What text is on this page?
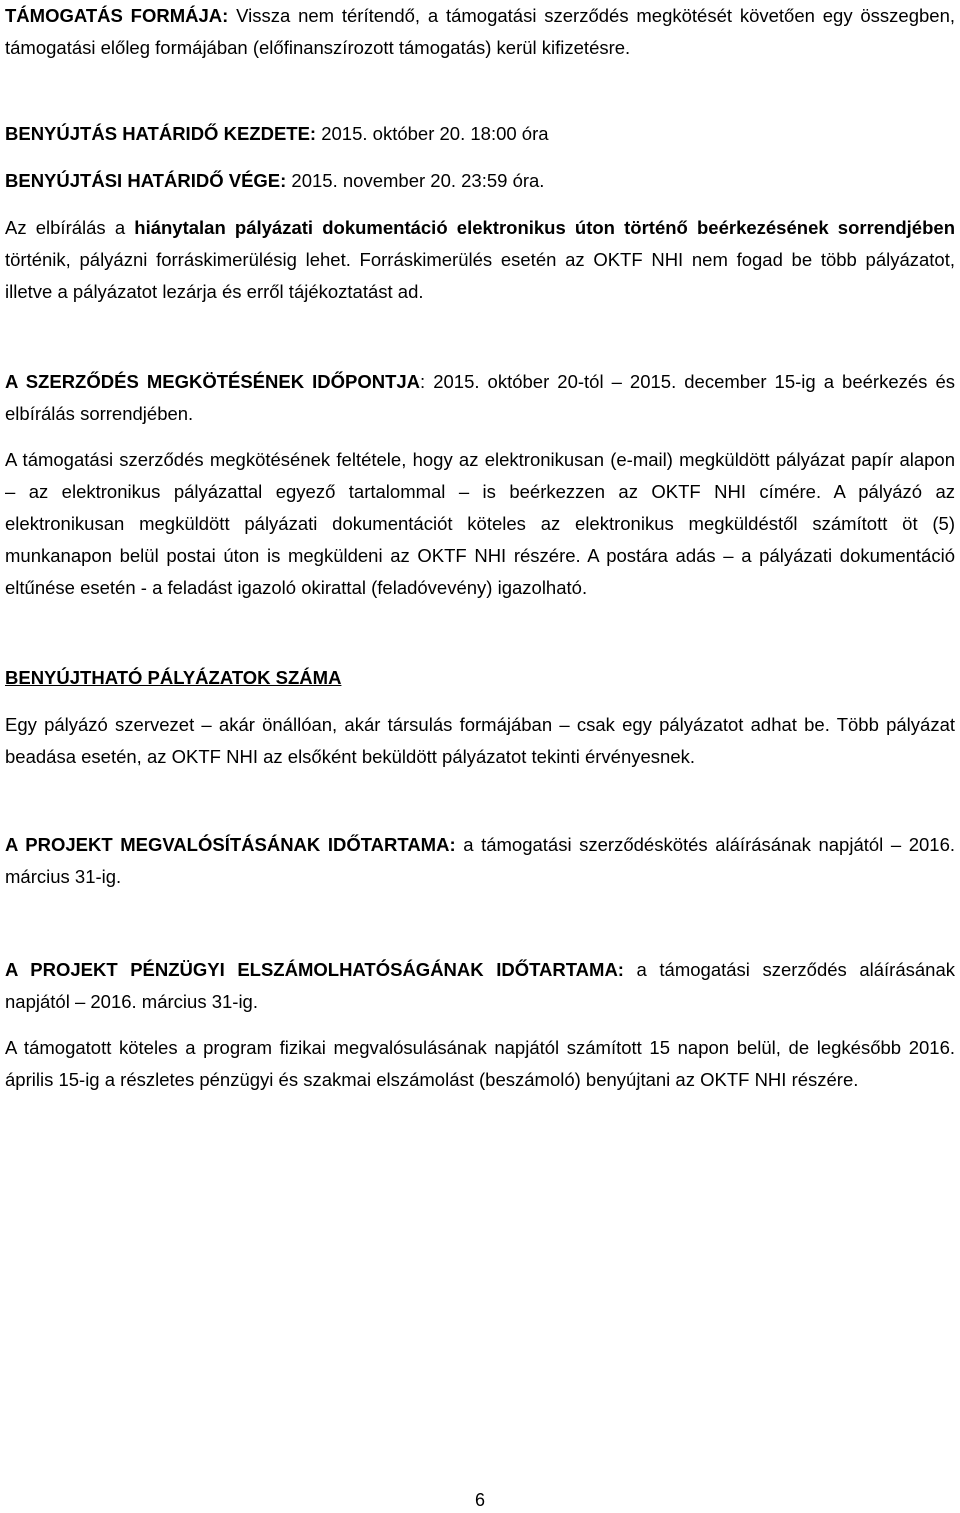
TÁMOGATÁS FORMÁJA: Vissza nem térítendő, a támogatási szerződés megkötését követően egy összegben, támogatási előleg formájában (előfinanszírozott támogatás) kerül kifizetésre.

BENYÚJTÁS HATÁRIDŐ KEZDETE: 2015. október 20. 18:00 óra

BENYÚJTÁSI HATÁRIDŐ VÉGE: 2015. november 20. 23:59 óra.

Az elbírálás a hiánytalan pályázati dokumentáció elektronikus úton történő beérkezésének sorrendjében történik, pályázni forráskimerülésig lehet. Forráskimerülés esetén az OKTF NHI nem fogad be több pályázatot, illetve a pályázatot lezárja és erről tájékoztatást ad.

A SZERZŐDÉS MEGKÖTÉSÉNEK IDŐPONTJA: 2015. október 20-tól – 2015. december 15-ig a beérkezés és elbírálás sorrendjében.

A támogatási szerződés megkötésének feltétele, hogy az elektronikusan (e-mail) megküldött pályázat papír alapon – az elektronikus pályázattal egyező tartalommal – is beérkezzen az OKTF NHI címére. A pályázó az elektronikusan megküldött pályázati dokumentációt köteles az elektronikus megküldéstől számított öt (5) munkanapon belül postai úton is megküldeni az OKTF NHI részére. A postára adás – a pályázati dokumentáció eltűnése esetén - a feladást igazoló okirattal (feladóvevény) igazolható.

BENYÚJTHATÓ PÁLYÁZATOK SZÁMA

Egy pályázó szervezet – akár önállóan, akár társulás formájában – csak egy pályázatot adhat be. Több pályázat beadása esetén, az OKTF NHI az elsőként beküldött pályázatot tekinti érvényesnek.

A PROJEKT MEGVALÓSÍTÁSÁNAK IDŐTARTAMA: a támogatási szerződéskötés aláírásának napjától – 2016. március 31-ig.

A PROJEKT PÉNZÜGYI ELSZÁMOLHATÓSÁGÁNAK IDŐTARTAMA: a támogatási szerződés aláírásának napjától – 2016. március 31-ig.

A támogatott köteles a program fizikai megvalósulásának napjától számított 15 napon belül, de legkésőbb 2016. április 15-ig a részletes pénzügyi és szakmai elszámolást (beszámoló) benyújtani az OKTF NHI részére.

6
